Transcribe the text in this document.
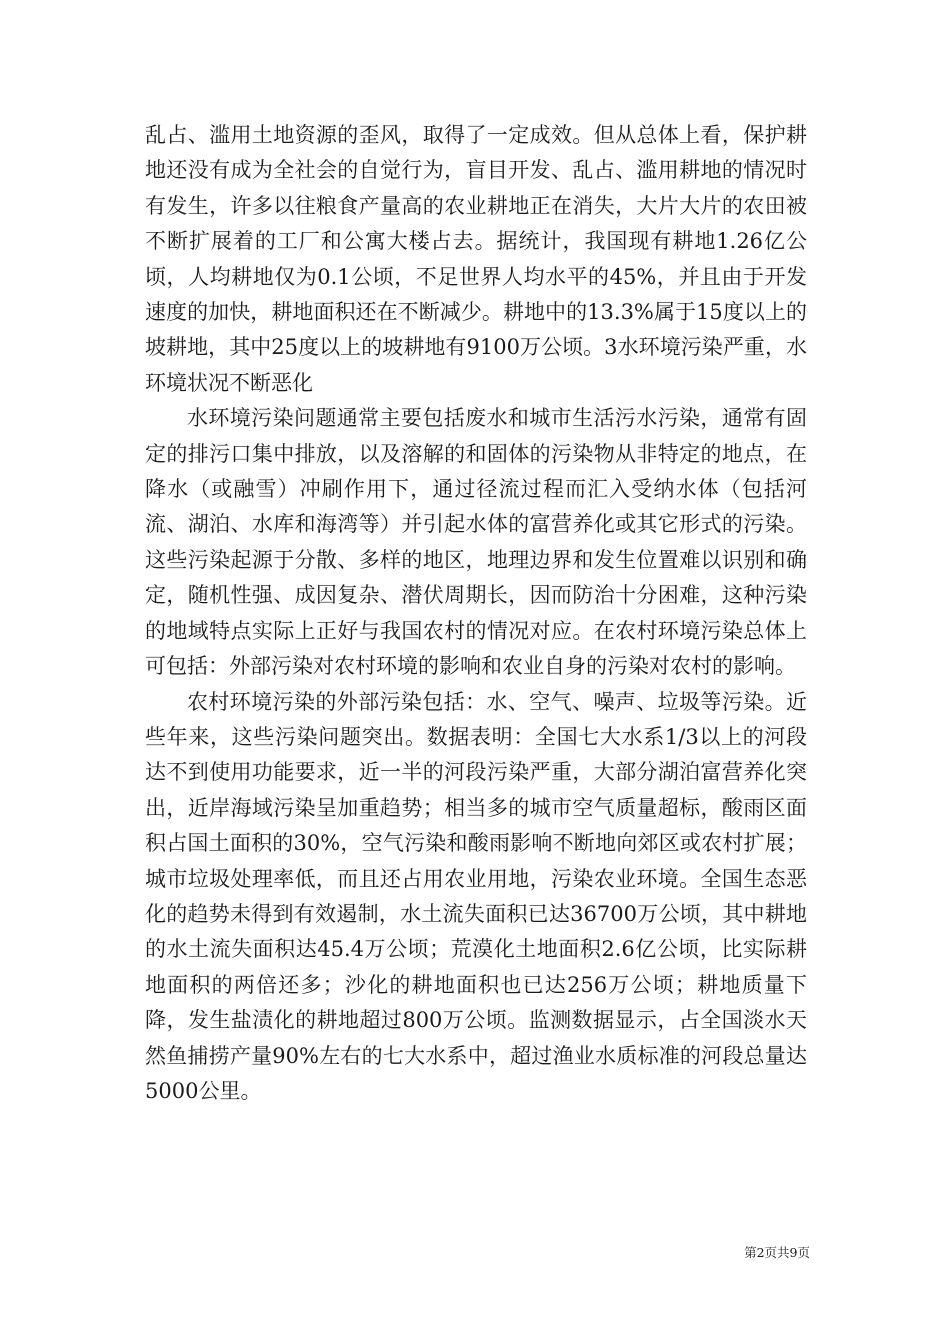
乱占、滥用土地资源的歪风，取得了一定成效。但从总体上看，保护耕地还没有成为全社会的自觉行为，盲目开发、乱占、滥用耕地的情况时有发生，许多以往粮食产量高的农业耕地正在消失，大片大片的农田被不断扩展着的工厂和公寓大楼占去。据统计，我国现有耕地1.26亿公顷，人均耕地仅为0.1公顷，不足世界人均水平的45%，并且由于开发速度的加快，耕地面积还在不断减少。耕地中的13.3%属于15度以上的坡耕地，其中25度以上的坡耕地有9100万公顷。3水环境污染严重，水环境状况不断恶化

水环境污染问题通常主要包括废水和城市生活污水污染，通常有固定的排污口集中排放，以及溶解的和固体的污染物从非特定的地点，在降水（或融雪）冲刷作用下，通过径流过程而汇入受纳水体（包括河流、湖泊、水库和海湾等）并引起水体的富营养化或其它形式的污染。这些污染起源于分散、多样的地区，地理边界和发生位置难以识别和确定，随机性强、成因复杂、潜伏周期长，因而防治十分困难，这种污染的地域特点实际上正好与我国农村的情况对应。在农村环境污染总体上可包括：外部污染对农村环境的影响和农业自身的污染对农村的影响。

农村环境污染的外部污染包括：水、空气、噪声、垃圾等污染。近些年来，这些污染问题突出。数据表明：全国七大水系1/3以上的河段达不到使用功能要求，近一半的河段污染严重，大部分湖泊富营养化突出，近岸海域污染呈加重趋势；相当多的城市空气质量超标，酸雨区面积占国土面积的30%，空气污染和酸雨影响不断地向郊区或农村扩展；城市垃圾处理率低，而且还占用农业用地，污染农业环境。全国生态恶化的趋势未得到有效遏制，水土流失面积已达36700万公顷，其中耕地的水土流失面积达45.4万公顷；荒漠化土地面积2.6亿公顷，比实际耕地面积的两倍还多；沙化的耕地面积也已达256万公顷；耕地质量下降，发生盐渍化的耕地超过800万公顷。监测数据显示，占全国淡水天然鱼捕捞产量90%左右的七大水系中，超过渔业水质标准的河段总量达5000公里。

第2页共9页
